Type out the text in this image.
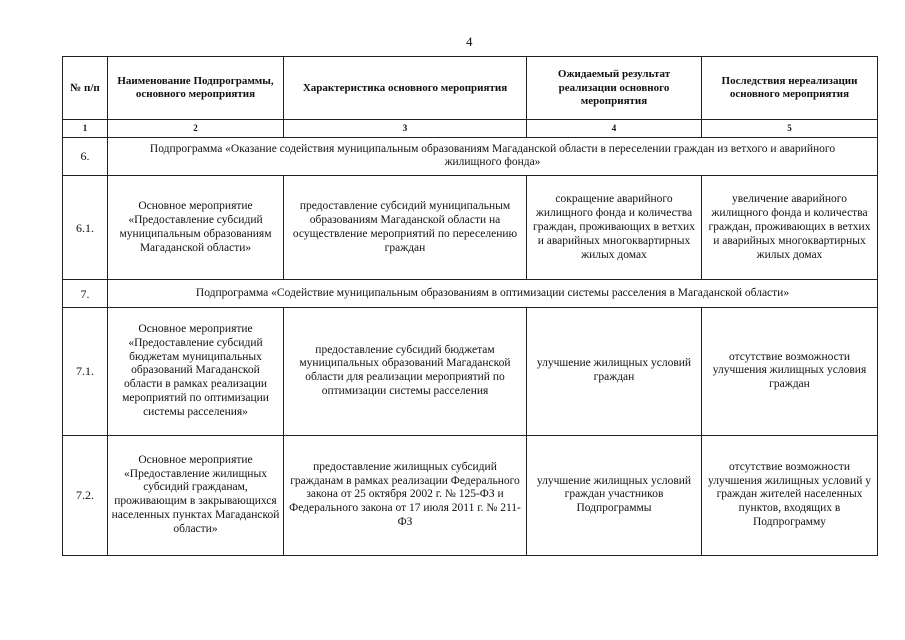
4
№ п/п	Наименование Подпрограммы, основного мероприятия	Характеристика основного мероприятия	Ожидаемый результат реализации основного мероприятия	Последствия нереализации основного мероприятия
1	2	3	4	5
6.	Подпрограмма «Оказание содействия муниципальным образованиям Магаданской области в переселении граждан из ветхого и аварийного жилищного фонда»			
6.1.	Основное мероприятие «Предоставление субсидий муниципальным образованиям Магаданской области»	предоставление субсидий муниципальным образованиям Магаданской области на осуществление мероприятий по переселению граждан	сокращение аварийного жилищного фонда и количества граждан, проживающих в ветхих и аварийных многоквартирных жилых домах	увеличение аварийного жилищного фонда и количества граждан, проживающих в ветхих и аварийных многоквартирных жилых домах
7.	Подпрограмма «Содействие муниципальным образованиям в оптимизации системы расселения в Магаданской области»			
7.1.	Основное мероприятие «Предоставление субсидий бюджетам муниципальных образований Магаданской области в рамках реализации мероприятий по оптимизации системы расселения»	предоставление субсидий бюджетам муниципальных образований Магаданской области для реализации мероприятий по оптимизации системы расселения	улучшение жилищных условий граждан	отсутствие возможности улучшения жилищных условия граждан
7.2.	Основное мероприятие «Предоставление жилищных субсидий гражданам, проживающим в закрывающихся населенных пунктах Магаданской области»	предоставление жилищных субсидий гражданам в рамках реализации Федерального закона от 25 октября 2002 г. № 125-ФЗ и Федерального закона от 17 июля 2011 г. № 211-ФЗ	улучшение жилищных условий граждан участников Подпрограммы	отсутствие возможности улучшения жилищных условий у граждан жителей населенных пунктов, входящих в Подпрограмму
